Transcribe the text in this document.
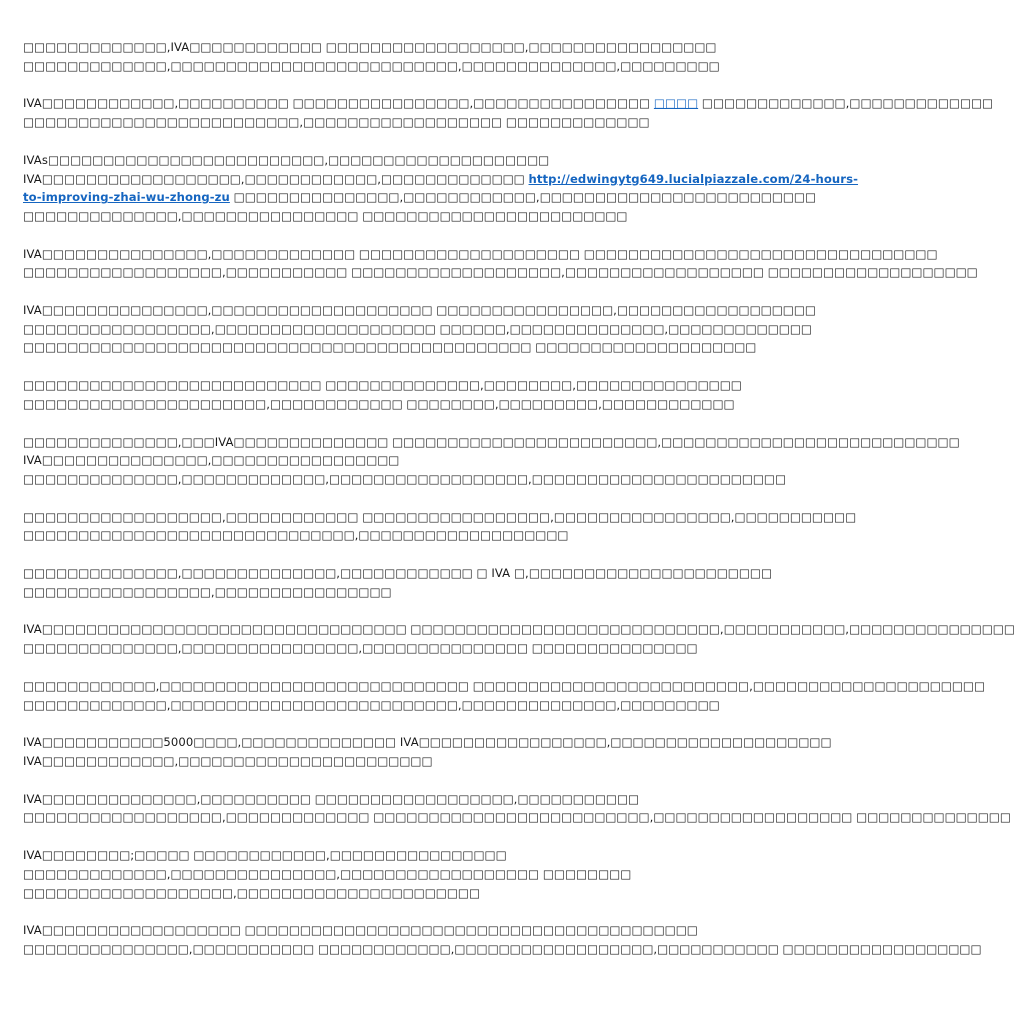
□□□□□□□□□□□□□,IVA□□□□□□□□□□□□ □□□□□□□□□□□□□□□□□□,□□□□□□□□□□□□□□□□□
□□□□□□□□□□□□□,□□□□□□□□□□□□□□□□□□□□□□□□□□,□□□□□□□□□□□□□□,□□□□□□□□□
IVA□□□□□□□□□□□□,□□□□□□□□□□ □□□□□□□□□□□□□□□□,□□□□□□□□□□□□□□□□ □□□□ □□□□□□□□□□□□□,□□□□□□□□□□□□□
□□□□□□□□□□□□□□□□□□□□□□□□□,□□□□□□□□□□□□□□□□□□ □□□□□□□□□□□□□
IVAs□□□□□□□□□□□□□□□□□□□□□□□□□,□□□□□□□□□□□□□□□□□□□□
IVA□□□□□□□□□□□□□□□□□□,□□□□□□□□□□□□,□□□□□□□□□□□□□ http://edwingytg649.lucialpiazzale.com/24-hours-
to-improving-zhai-wu-zhong-zu □□□□□□□□□□□□□□□,□□□□□□□□□□□□,□□□□□□□□□□□□□□□□□□□□□□□□□
□□□□□□□□□□□□□□,□□□□□□□□□□□□□□□□ □□□□□□□□□□□□□□□□□□□□□□□□
IVA□□□□□□□□□□□□□□□,□□□□□□□□□□□□□ □□□□□□□□□□□□□□□□□□□□ □□□□□□□□□□□□□□□□□□□□□□□□□□□□□□□□
□□□□□□□□□□□□□□□□□□,□□□□□□□□□□□ □□□□□□□□□□□□□□□□□□□,□□□□□□□□□□□□□□□□□□ □□□□□□□□□□□□□□□□□□□
IVA□□□□□□□□□□□□□□□,□□□□□□□□□□□□□□□□□□□□ □□□□□□□□□□□□□□□□,□□□□□□□□□□□□□□□□□□
□□□□□□□□□□□□□□□□□,□□□□□□□□□□□□□□□□□□□□ □□□□□□,□□□□□□□□□□□□□□,□□□□□□□□□□□□□
□□□□□□□□□□□□□□□□□□□□□□□□□□□□□□□□□□□□□□□□□□□□□□ □□□□□□□□□□□□□□□□□□□□
□□□□□□□□□□□□□□□□□□□□□□□□□□□ □□□□□□□□□□□□□□,□□□□□□□□,□□□□□□□□□□□□□□□
□□□□□□□□□□□□□□□□□□□□□□,□□□□□□□□□□□□ □□□□□□□□,□□□□□□□□□,□□□□□□□□□□□□
□□□□□□□□□□□□□□,□□□IVA□□□□□□□□□□□□□□ □□□□□□□□□□□□□□□□□□□□□□□□,□□□□□□□□□□□□□□□□□□□□□□□□□□□
IVA□□□□□□□□□□□□□□□,□□□□□□□□□□□□□□□□□
□□□□□□□□□□□□□□,□□□□□□□□□□□□□,□□□□□□□□□□□□□□□□□□,□□□□□□□□□□□□□□□□□□□□□□□
□□□□□□□□□□□□□□□□□□,□□□□□□□□□□□□ □□□□□□□□□□□□□□□□□,□□□□□□□□□□□□□□□□,□□□□□□□□□□□
□□□□□□□□□□□□□□□□□□□□□□□□□□□□□□,□□□□□□□□□□□□□□□□□□□
□□□□□□□□□□□□□□,□□□□□□□□□□□□□□,□□□□□□□□□□□□ □ IVA □,□□□□□□□□□□□□□□□□□□□□□□
□□□□□□□□□□□□□□□□□,□□□□□□□□□□□□□□□□
IVA□□□□□□□□□□□□□□□□□□□□□□□□□□□□□□□□□ □□□□□□□□□□□□□□□□□□□□□□□□□□□□,□□□□□□□□□□□,□□□□□□□□□□□□□□□
□□□□□□□□□□□□□□,□□□□□□□□□□□□□□□□,□□□□□□□□□□□□□□□ □□□□□□□□□□□□□□□
□□□□□□□□□□□□,□□□□□□□□□□□□□□□□□□□□□□□□□□□□ □□□□□□□□□□□□□□□□□□□□□□□□□,□□□□□□□□□□□□□□□□□□□□□
□□□□□□□□□□□□□,□□□□□□□□□□□□□□□□□□□□□□□□□□,□□□□□□□□□□□□□□,□□□□□□□□□
IVA□□□□□□□□□□□5000□□□□,□□□□□□□□□□□□□□ IVA□□□□□□□□□□□□□□□□□,□□□□□□□□□□□□□□□□□□□□
IVA□□□□□□□□□□□□,□□□□□□□□□□□□□□□□□□□□□□□
IVA□□□□□□□□□□□□□□,□□□□□□□□□□ □□□□□□□□□□□□□□□□□□,□□□□□□□□□□□
□□□□□□□□□□□□□□□□□□,□□□□□□□□□□□□□ □□□□□□□□□□□□□□□□□□□□□□□□□,□□□□□□□□□□□□□□□□□□ □□□□□□□□□□□□□□
IVA□□□□□□□□;□□□□□ □□□□□□□□□□□□,□□□□□□□□□□□□□□□□
□□□□□□□□□□□□□,□□□□□□□□□□□□□□□,□□□□□□□□□□□□□□□□□□ □□□□□□□□
□□□□□□□□□□□□□□□□□□□,□□□□□□□□□□□□□□□□□□□□□□
IVA□□□□□□□□□□□□□□□□□□ □□□□□□□□□□□□□□□□□□□□□□□□□□□□□□□□□□□□□□□□□
□□□□□□□□□□□□□□□,□□□□□□□□□□□ □□□□□□□□□□□□,□□□□□□□□□□□□□□□□□□,□□□□□□□□□□□ □□□□□□□□□□□□□□□□□□
